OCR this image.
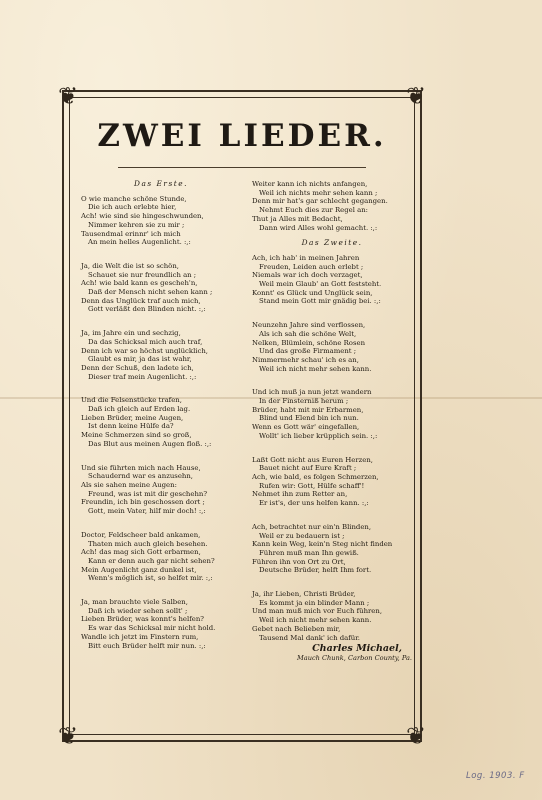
❦	❦
❦	❦
ZWEI LIEDER.
Das Erste.
O wie manche schöne Stunde,
Die ich auch erlebte hier,
Ach! wie sind sie hingeschwunden,
Nimmer kehren sie zu mir ;
Tausendmal erinnr' ich mich
An mein helles Augenlicht. :,:
Ja, die Welt die ist so schön,
Schauet sie nur freundlich an ;
Ach! wie bald kann es gescheh'n,
Daß der Mensch nicht sehen kann ;
Denn das Unglück traf auch mich,
Gott verläßt den Blinden nicht. :,:
Ja, im Jahre ein und sechzig,
Da das Schicksal mich auch traf,
Denn ich war so höchst unglücklich,
Glaubt es mir, ja das ist wahr,
Denn der Schuß, den ladete ich,
Dieser traf mein Augenlicht. :,:
Und die Felsenstücke trafen,
Daß ich gleich auf Erden lag.
Lieben Brüder, meine Augen,
Ist denn keine Hülfe da?
Meine Schmerzen sind so groß,
Das Blut aus meinen Augen floß. :,:
Und sie führten mich nach Hause,
Schaudernd war es anzusehn,
Als sie sahen meine Augen:
Freund, was ist mit dir geschehn?
Freundin, ich bin geschossen dort ;
Gott, mein Vater, hilf mir doch! :,:
Doctor, Feldscheer bald ankamen,
Thaten mich auch gleich besehen.
Ach! das mag sich Gott erbarmen,
Kann er denn auch gar nicht sehen?
Mein Augenlicht ganz dunkel ist,
Wenn's möglich ist, so helfet mir. :,:
Ja, man brauchte viele Salben,
Daß ich wieder sehen sollt' ;
Lieben Brüder, was konnt's helfen?
Es war das Schicksal mir nicht hold.
Wandle ich jetzt im Finstern rum,
Bitt euch Brüder helft mir nun. :,:
Weiter kann ich nichts anfangen,
Weil ich nichts mehr sehen kann ;
Denn mir hat's gar schlecht gegangen.
Nehmt Euch dies zur Regel an:
Thut ja Alles mit Bedacht,
Dann wird Alles wohl gemacht. :,:
Das Zweite.
Ach, ich hab' in meinen Jahren
Freuden, Leiden auch erlebt ;
Niemals war ich doch verzaget,
Weil mein Glaub' an Gott feststeht.
Konnt' es Glück und Unglück sein,
Stand mein Gott mir gnädig bei. :,:
Neunzehn Jahre sind verflossen,
Als ich sah die schöne Welt,
Nelken, Blümlein, schöne Rosen
Und das große Firmament ;
Nimmermehr schau' ich es an,
Weil ich nicht mehr sehen kann.
Und ich muß ja nun jetzt wandern
In der Finsterniß herum ;
Brüder, habt mit mir Erbarmen,
Blind und Elend bin ich nun.
Wenn es Gott wär' eingefallen,
Wollt' ich lieber krüpplich sein. :,:
Laßt Gott nicht aus Euren Herzen,
Bauet nicht auf Eure Kraft ;
Ach, wie bald, es folgen Schmerzen,
Rufen wir: Gott, Hülfe schaff'!
Nehmet ihn zum Retter an,
Er ist's, der uns helfen kann. :,:
Ach, betrachtet nur ein'n Blinden,
Weil er zu bedauern ist ;
Kann kein Weg, kein'n Steg nicht finden
Führen muß man Ihn gewiß.
Führen ihn von Ort zu Ort,
Deutsche Brüder, helft Ihm fort.
Ja, ihr Lieben, Christi Brüder,
Es kommt ja ein blinder Mann ;
Und man muß mich vor Euch führen,
Weil ich nicht mehr sehen kann.
Gebet nach Belieben mir,
Tausend Mal dank' ich dafür.
Charles Michael,
Mauch Chunk, Carbon County, Pa.
Log. 1903. F
